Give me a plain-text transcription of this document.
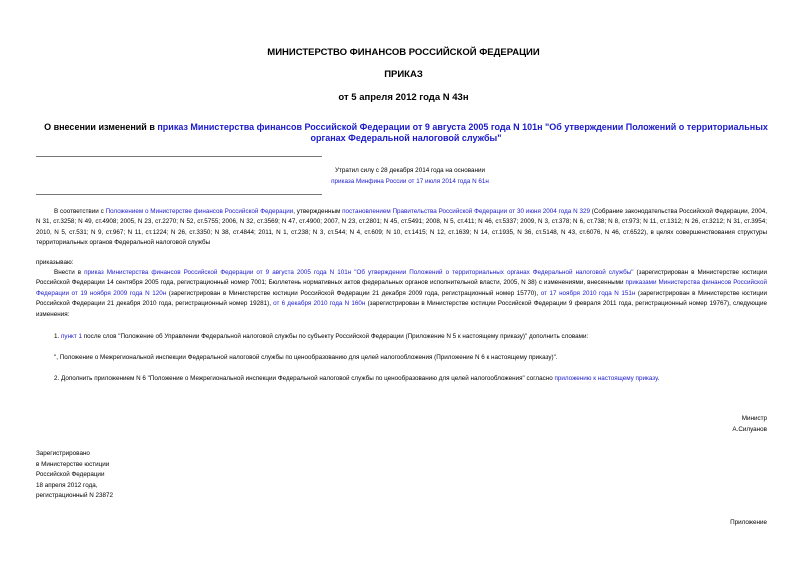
МИНИСТЕРСТВО ФИНАНСОВ РОССИЙСКОЙ ФЕДЕРАЦИИ
ПРИКАЗ
от 5 апреля 2012 года N 43н
О внесении изменений в приказ Министерства финансов Российской Федерации от 9 августа 2005 года N 101н "Об утверждении Положений о территориальных органах Федеральной налоговой службы"
Утратил силу с 28 декабря 2014 года на основании
приказа Минфина России от 17 июля 2014 года N 61н
В соответствии с Положением о Министерстве финансов Российской Федерации, утвержденным постановлением Правительства Российской Федерации от 30 июня 2004 года N 329 (Собрание законодательства Российской Федерации, 2004, N 31, ст.3258; N 49, ст.4908; 2005, N 23, ст.2270; N 52, ст.5755; 2006, N 32, ст.3569; N 47, ст.4900; 2007, N 23, ст.2801; N 45, ст.5491; 2008, N 5, ст.411; N 46, ст.5337; 2009, N 3, ст.378; N 6, ст.738; N 8, ст.973; N 11, ст.1312; N 26, ст.3212; N 31, ст.3954; 2010, N 5, ст.531; N 9, ст.967; N 11, ст.1224; N 26, ст.3350; N 38, ст.4844; 2011, N 1, ст.238; N 3, ст.544; N 4, ст.609; N 10, ст.1415; N 12, ст.1639; N 14, ст.1935, N 36, ст.5148, N 43, ст.6076, N 46, ст.6522), в целях совершенствования структуры территориальных органов Федеральной налоговой службы
приказываю:
Внести в приказ Министерства финансов Российской Федерации от 9 августа 2005 года N 101н "Об утверждении Положений о территориальных органах Федеральной налоговой службы" (зарегистрирован в Министерстве юстиции Российской Федерации 14 сентября 2005 года, регистрационный номер 7001; Бюллетень нормативных актов федеральных органов исполнительной власти, 2005, N 38) с изменениями, внесенными приказами Министерства финансов Российской Федерации от 19 ноября 2009 года N 120н (зарегистрирован в Министерстве юстиции Российской Федерации 21 декабря 2009 года, регистрационный номер 15770), от 17 ноября 2010 года N 151н (зарегистрирован в Министерстве юстиции Российской Федерации 21 декабря 2010 года, регистрационный номер 19281), от 6 декабря 2010 года N 160н (зарегистрирован в Министерстве юстиции Российской Федерации 9 февраля 2011 года, регистрационный номер 19767), следующие изменения:
1. пункт 1 после слов "Положение об Управлении Федеральной налоговой службы по субъекту Российской Федерации (Приложение N 5 к настоящему приказу)" дополнить словами:
", Положение о Межрегиональной инспекции Федеральной налоговой службы по ценообразованию для целей налогообложения (Приложение N 6 к настоящему приказу)".
2. Дополнить приложением N 6 "Положение о Межрегиональной инспекции Федеральной налоговой службы по ценообразованию для целей налогообложения" согласно приложению к настоящему приказу.
Министр
А.Силуанов
Зарегистрировано
в Министерстве юстиции
Российской Федерации
18 апреля 2012 года,
регистрационный N 23872
Приложение
